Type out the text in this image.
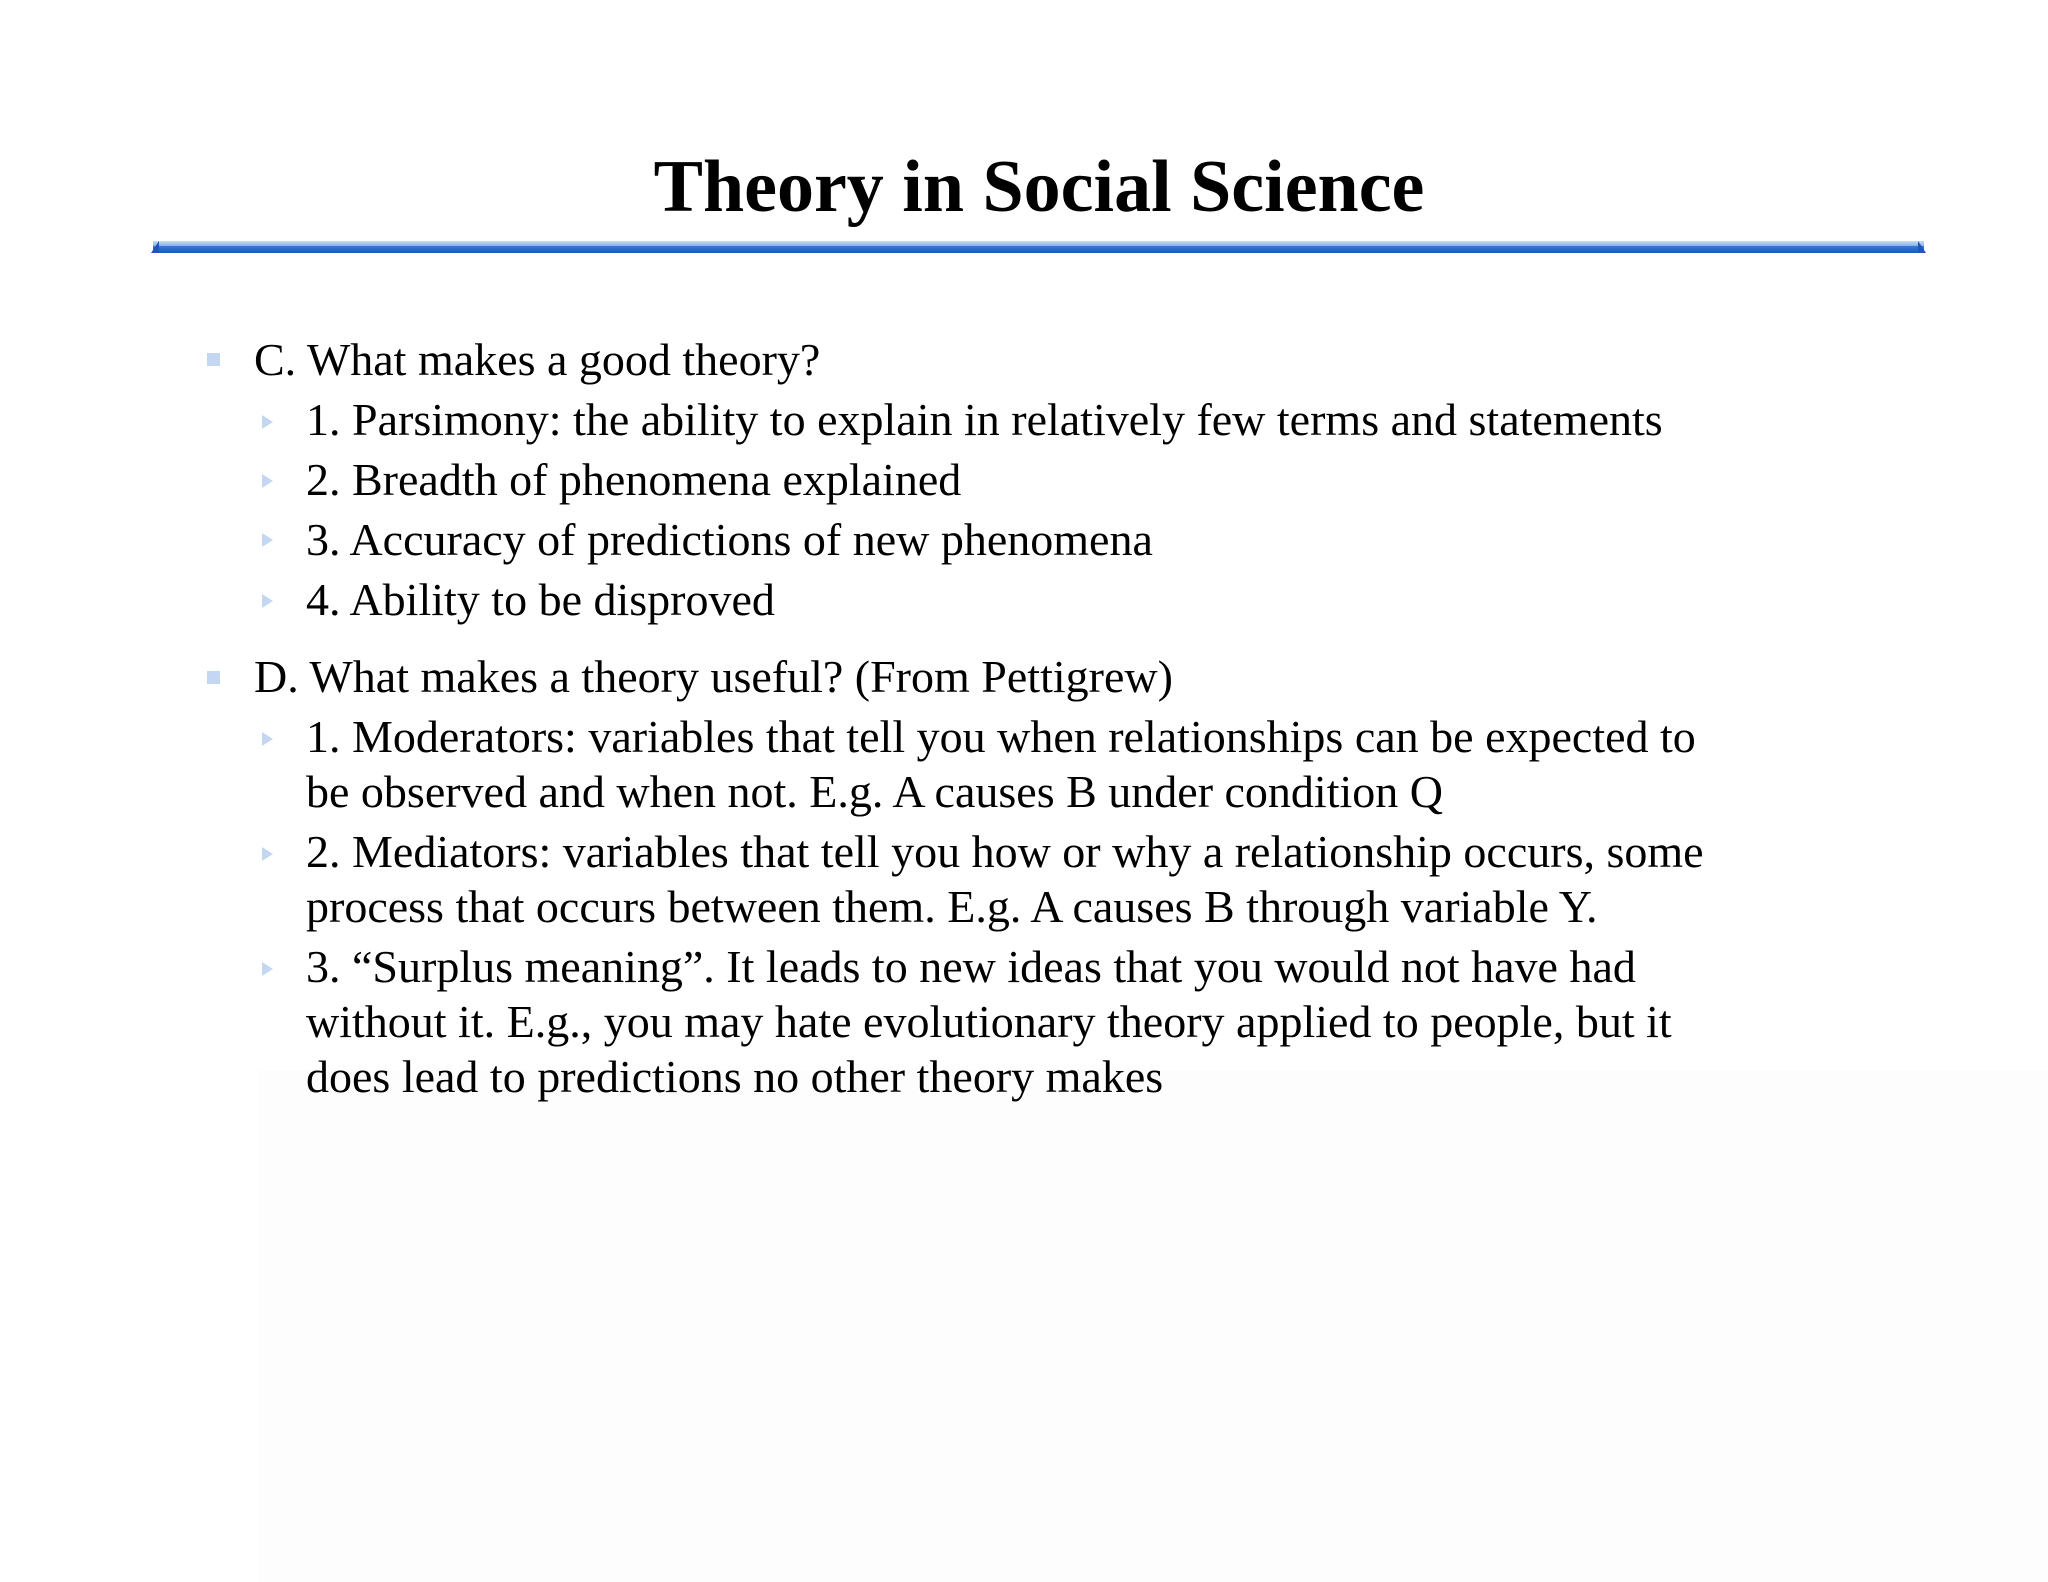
Theory in Social Science
C. What makes a good theory?
1. Parsimony: the ability to explain in relatively few terms and statements
2. Breadth of phenomena explained
3. Accuracy of predictions of new phenomena
4. Ability to be disproved
D. What makes a theory useful? (From Pettigrew)
1. Moderators: variables that tell you when relationships can be expected to
be observed and when not. E.g. A causes B under condition Q
2. Mediators: variables that tell you how or why a relationship occurs, some
process that occurs between them. E.g. A causes B through variable Y.
3. “Surplus meaning”. It leads to new ideas that you would not have had
without it. E.g., you may hate evolutionary theory applied to people, but it
does lead to predictions no other theory makes
